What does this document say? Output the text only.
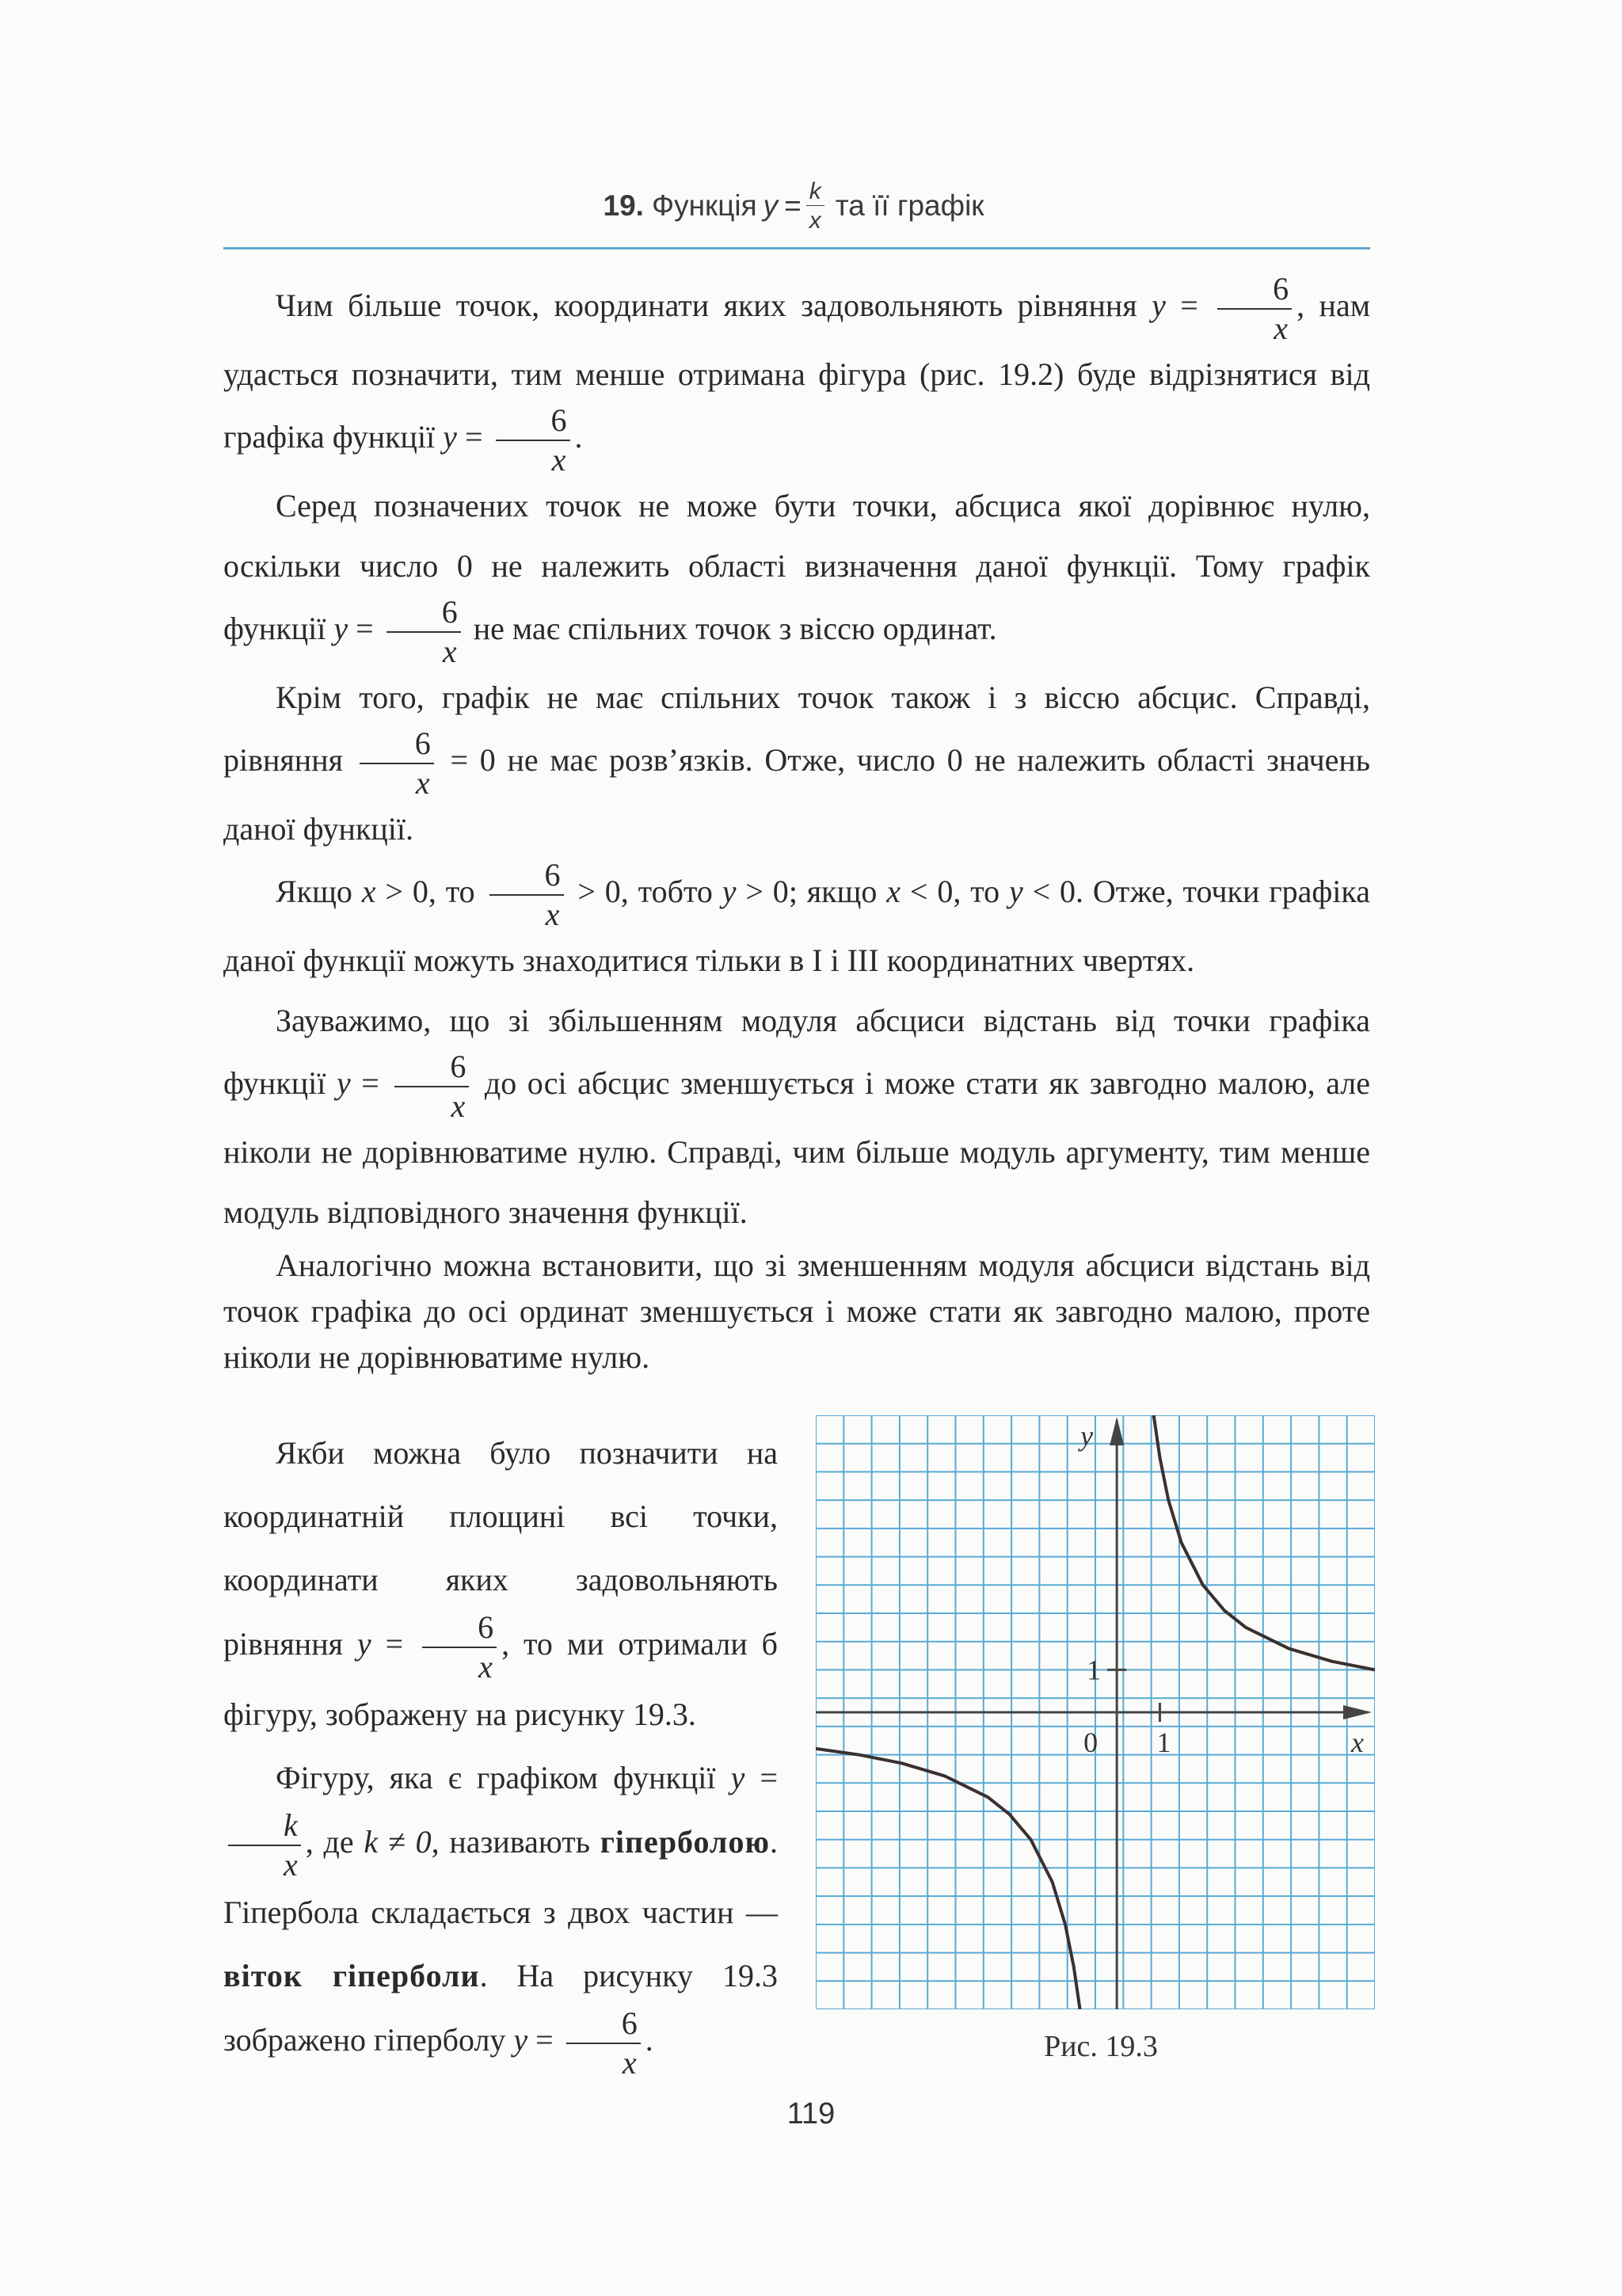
19. Функція $y = \frac{k}{x}$ та її графік

Чим більше точок, координати яких задовольняють рівняння $y = \frac{6}{x}$ , нам удасться позначити, тим менше отримана фігура (рис. 19.2) буде відрізнятися від графіка функції $y = \frac{6}{x}$ .

Серед позначених точок не може бути точки, абсциса якої дорівнює нулю, оскільки число 0 не належить області визначення даної функції. Тому графік функції $y = \frac{6}{x}$ не має спільних точок з віссю ординат.

Крім того, графік не має спільних точок також і з віссю абсцис. Справді, рівняння $\frac{6}{x} = 0$ не має розв’язків. Отже, число 0 не належить області значень даної функції.

Якщо x > 0, то $\frac{6}{x} > 0$, тобто y > 0; якщо x < 0, то y < 0. Отже, точки графіка даної функції можуть знаходитися тільки в I і III координатних чвертях.

Зауважимо, що зі збільшенням модуля абсциси відстань від точки графіка функції $y = \frac{6}{x}$ до осі абсцис зменшується і може стати як завгодно малою, але ніколи не дорівнюватиме нулю. Справді, чим більше модуль аргументу, тим менше модуль відповідного значення функції.

Аналогічно можна встановити, що зі зменшенням модуля абсциси відстань від точок графіка до осі ординат зменшується і може стати як завгодно малою, проте ніколи не дорівнюватиме нулю.

Якби можна було позначити на координатній площині всі точки, координати яких задовольняють рівняння $y = \frac{6}{x}$ , то ми отримали б фігуру, зображену на рисунку 19.3.

Фігуру, яка є графіком функції y =
$\frac{k}{x}$ , де k ≠ 0, називають гіперболою. Гіпербола складається з двох частин — віток гіперболи. На рисунку 19.3 зображено гіперболу $y = \frac{6}{x}$ .

1
1
0	x
y
Рис. 19.3
119
